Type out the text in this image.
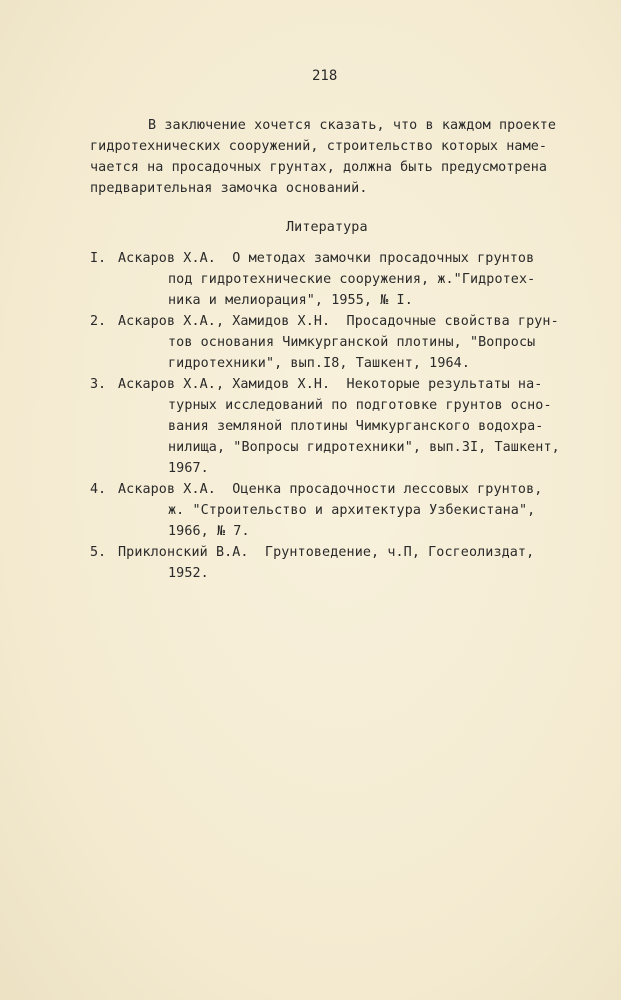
218
В заключение хочется сказать, что в каждом проекте
гидротехнических сооружений, строительство которых наме-
чается на просадочных грунтах, должна быть предусмотрена
предварительная замочка оснований.
Литература
I. Аскаров Х.А.  О методах замочки просадочных грунтов
под гидротехнические сооружения, ж."Гидротех-
ника и мелиорация", 1955, № I.
2. Аскаров Х.А., Хамидов Х.Н.  Просадочные свойства грун-
тов основания Чимкурганской плотины, "Вопросы
гидротехники", вып.I8, Ташкент, 1964.
3. Аскаров Х.А., Хамидов Х.Н.  Некоторые результаты на-
турных исследований по подготовке грунтов осно-
вания земляной плотины Чимкурганского водохра-
нилища, "Вопросы гидротехники", вып.3I, Ташкент,
1967.
4. Аскаров Х.А.  Оценка просадочности лессовых грунтов,
ж. "Строительство и архитектура Узбекистана",
1966, № 7.
5. Приклонский В.А.  Грунтоведение, ч.П, Госгеолиздат,
1952.
